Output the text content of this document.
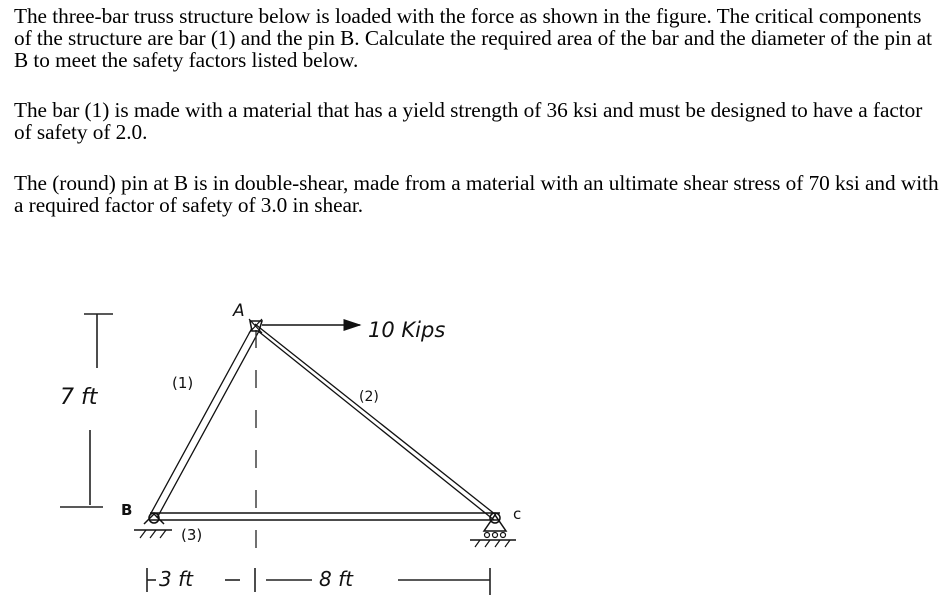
The three-bar truss structure below is loaded with the force as shown in the figure. The critical components of the structure are bar (1) and the pin B. Calculate the required area of the bar and the diameter of the pin at B to meet the safety factors listed below.

The bar (1) is made with a material that has a yield strength of 36 ksi and must be designed to have a factor of safety of 2.0.

The (round) pin at B is in double-shear, made from a material with an ultimate shear stress of 70 ksi and with a required factor of safety of 3.0 in shear.

7 ft
A
10 Kips
(1)
(2)
(3)
B	c
3 ft	8 ft
